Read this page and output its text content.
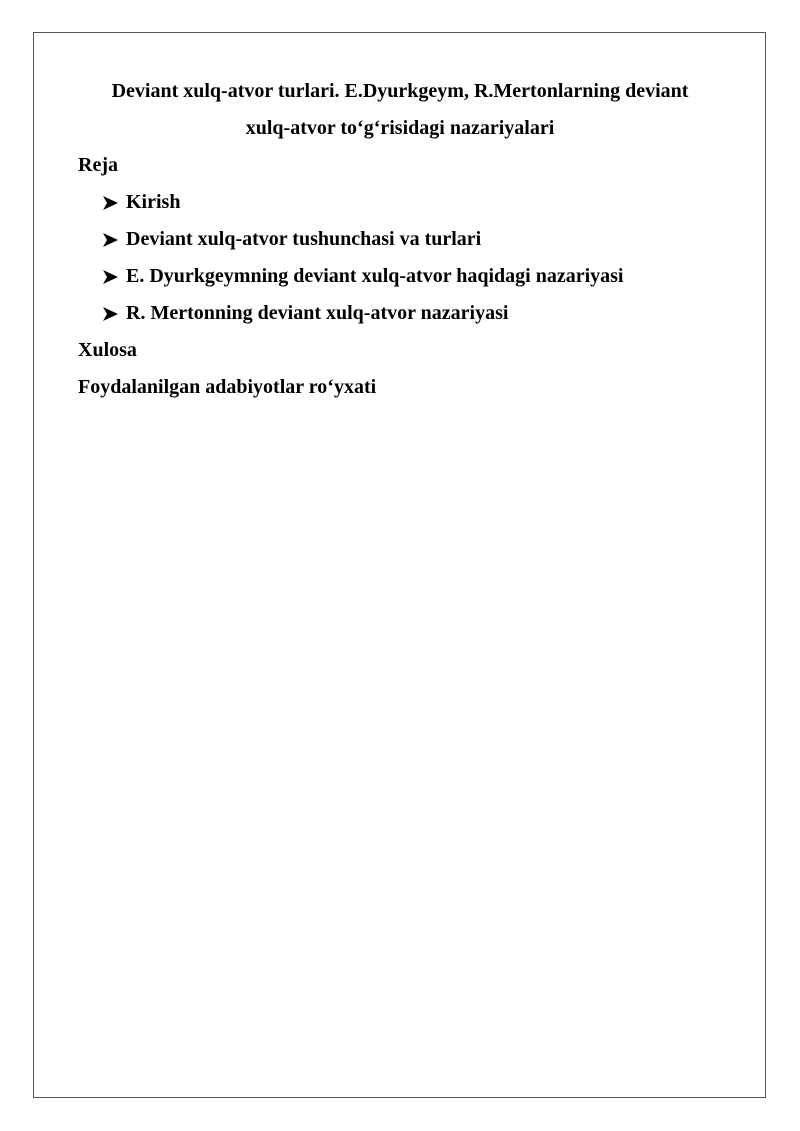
Deviant xulq-atvor turlari. E.Dyurkgeym, R.Mertonlarning deviant
xulq-atvor to‘g‘risidagi nazariyalari

Reja

Kirish
Deviant xulq-atvor tushunchasi va turlari
E. Dyurkgeymning deviant xulq-atvor haqidagi nazariyasi
R. Mertonning deviant xulq-atvor nazariyasi

Xulosa

Foydalanilgan adabiyotlar ro‘yxati
